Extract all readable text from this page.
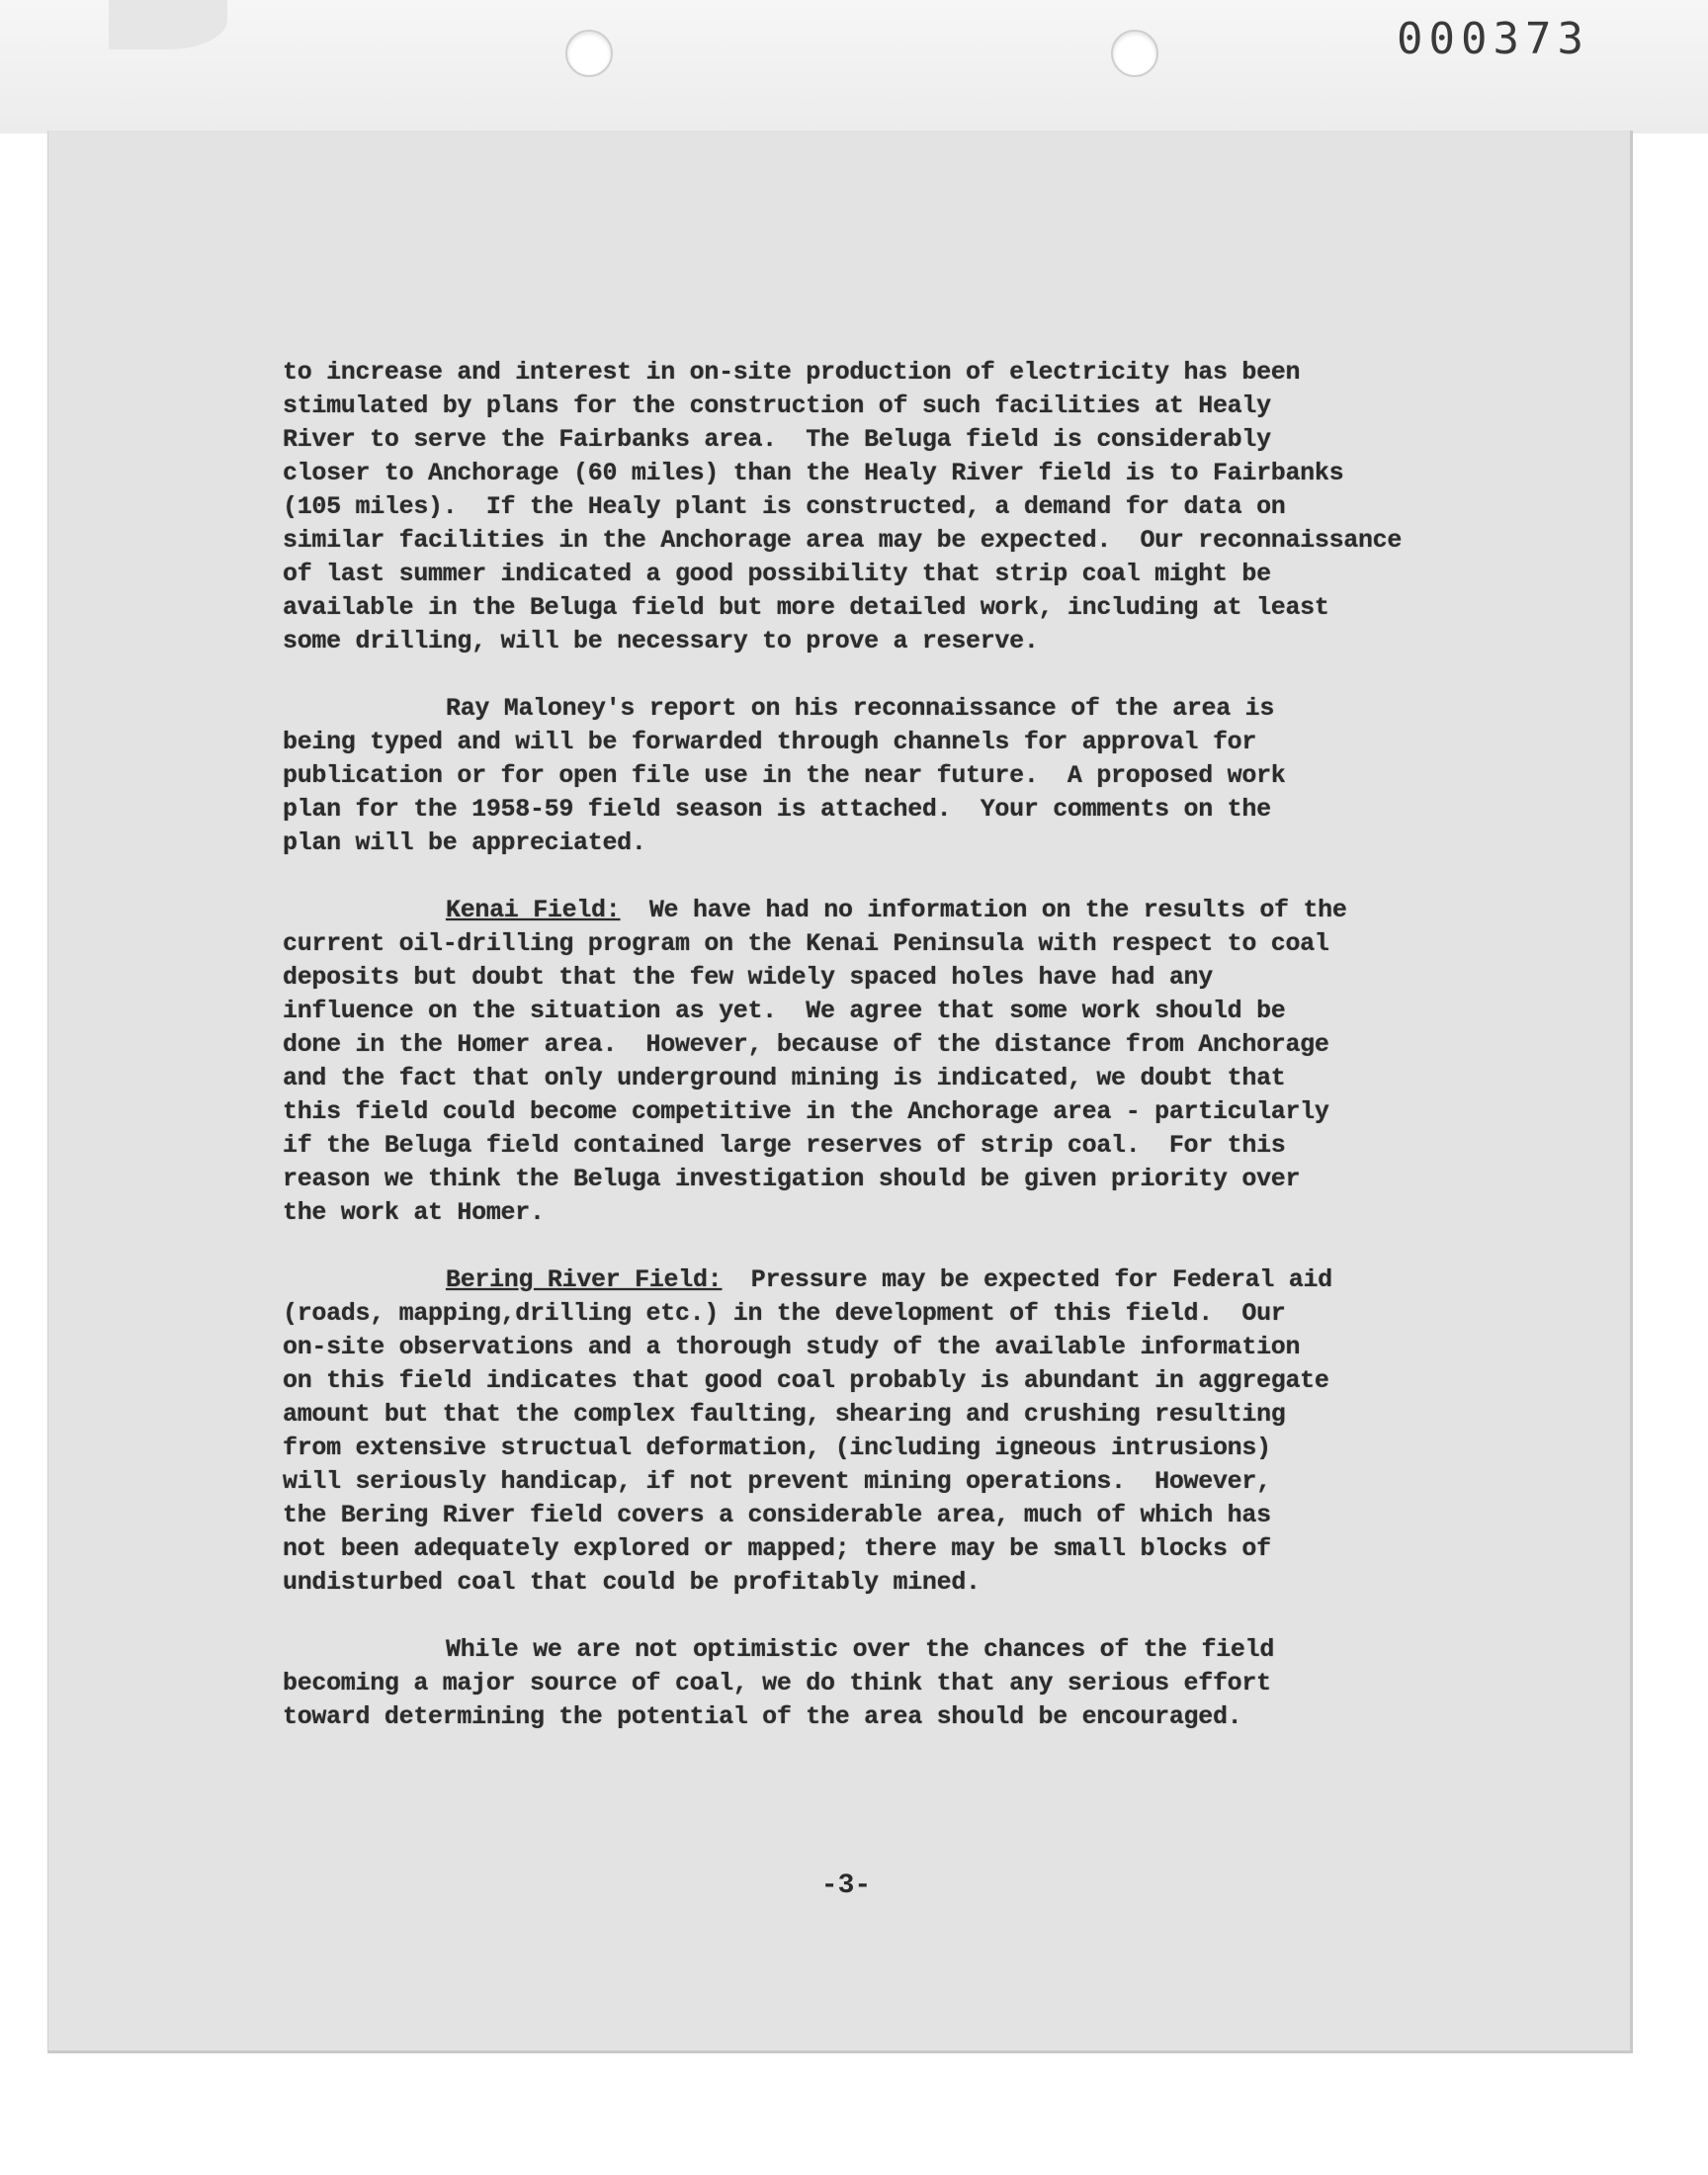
000373

to increase and interest in on-site production of electricity has been
stimulated by plans for the construction of such facilities at Healy
River to serve the Fairbanks area.  The Beluga field is considerably
closer to Anchorage (60 miles) than the Healy River field is to Fairbanks
(105 miles).  If the Healy plant is constructed, a demand for data on
similar facilities in the Anchorage area may be expected.  Our reconnaissance
of last summer indicated a good possibility that strip coal might be
available in the Beluga field but more detailed work, including at least
some drilling, will be necessary to prove a reserve.

Ray Maloney's report on his reconnaissance of the area is
being typed and will be forwarded through channels for approval for
publication or for open file use in the near future.  A proposed work
plan for the 1958-59 field season is attached.  Your comments on the
plan will be appreciated.

Kenai Field:  We have had no information on the results of the
current oil-drilling program on the Kenai Peninsula with respect to coal
deposits but doubt that the few widely spaced holes have had any
influence on the situation as yet.  We agree that some work should be
done in the Homer area.  However, because of the distance from Anchorage
and the fact that only underground mining is indicated, we doubt that
this field could become competitive in the Anchorage area - particularly
if the Beluga field contained large reserves of strip coal.  For this
reason we think the Beluga investigation should be given priority over
the work at Homer.

Bering River Field:  Pressure may be expected for Federal aid
(roads, mapping,drilling etc.) in the development of this field.  Our
on-site observations and a thorough study of the available information
on this field indicates that good coal probably is abundant in aggregate
amount but that the complex faulting, shearing and crushing resulting
from extensive structual deformation, (including igneous intrusions)
will seriously handicap, if not prevent mining operations.  However,
the Bering River field covers a considerable area, much of which has
not been adequately explored or mapped; there may be small blocks of
undisturbed coal that could be profitably mined.

While we are not optimistic over the chances of the field
becoming a major source of coal, we do think that any serious effort
toward determining the potential of the area should be encouraged.

-3-
